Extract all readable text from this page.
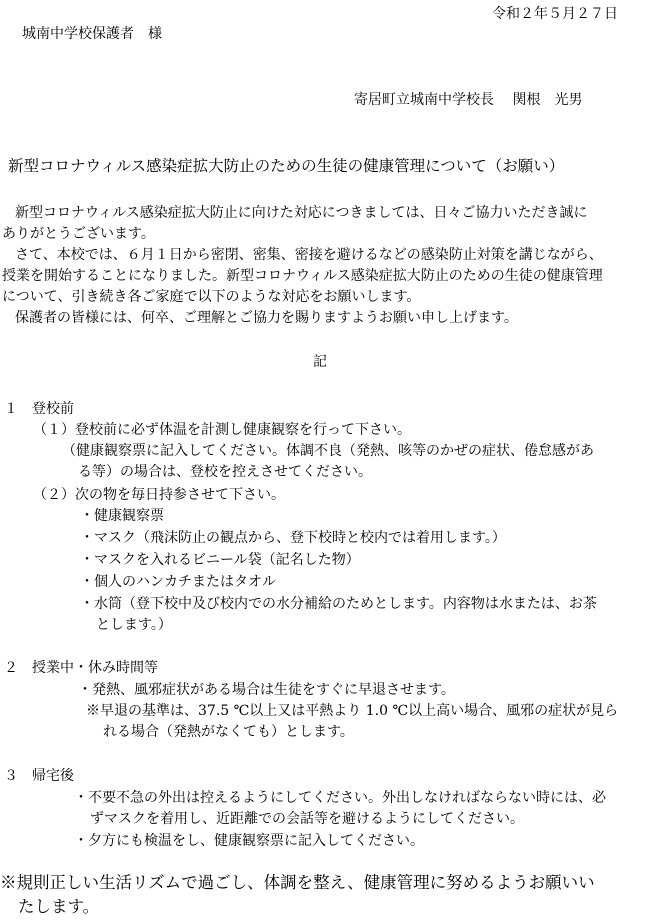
令和２年５月２７日
城南中学校保護者　様
寄居町立城南中学校長　 関根　光男
新型コロナウィルス感染症拡大防止のための生徒の健康管理について（お願い）
新型コロナウィルス感染症拡大防止に向けた対応につきましては、日々ご協力いただき誠に
ありがとうございます。
さて、本校では、６月１日から密閉、密集、密接を避けるなどの感染防止対策を講じながら、
授業を開始することになりました。新型コロナウィルス感染症拡大防止のための生徒の健康管理
について、引き続き各ご家庭で以下のような対応をお願いします。
保護者の皆様には、何卒、ご理解とご協力を賜りますようお願い申し上げます。
記
１　登校前
（１）登校前に必ず体温を計測し健康観察を行って下さい。
（健康観察票に記入してください。体調不良（発熱、咳等のかぜの症状、倦怠感があ
る等）の場合は、登校を控えさせてください。
（２）次の物を毎日持参させて下さい。
・健康観察票
・マスク（飛沫防止の観点から、登下校時と校内では着用します。）
・マスクを入れるビニール袋（記名した物）
・個人のハンカチまたはタオル
・水筒（登下校中及び校内での水分補給のためとします。内容物は水または、お茶
とします。）
２　授業中・休み時間等
・発熱、風邪症状がある場合は生徒をすぐに早退させます。
※早退の基準は、37.5 ℃以上又は平熱より 1.0 ℃以上高い場合、風邪の症状が見ら
れる場合（発熱がなくても）とします。
３　帰宅後
・不要不急の外出は控えるようにしてください。外出しなければならない時には、必
ずマスクを着用し、近距離での会話等を避けるようにしてください。
・夕方にも検温をし、健康観察票に記入してください。
※規則正しい生活リズムで過ごし、体調を整え、健康管理に努めるようお願いい
たします。
